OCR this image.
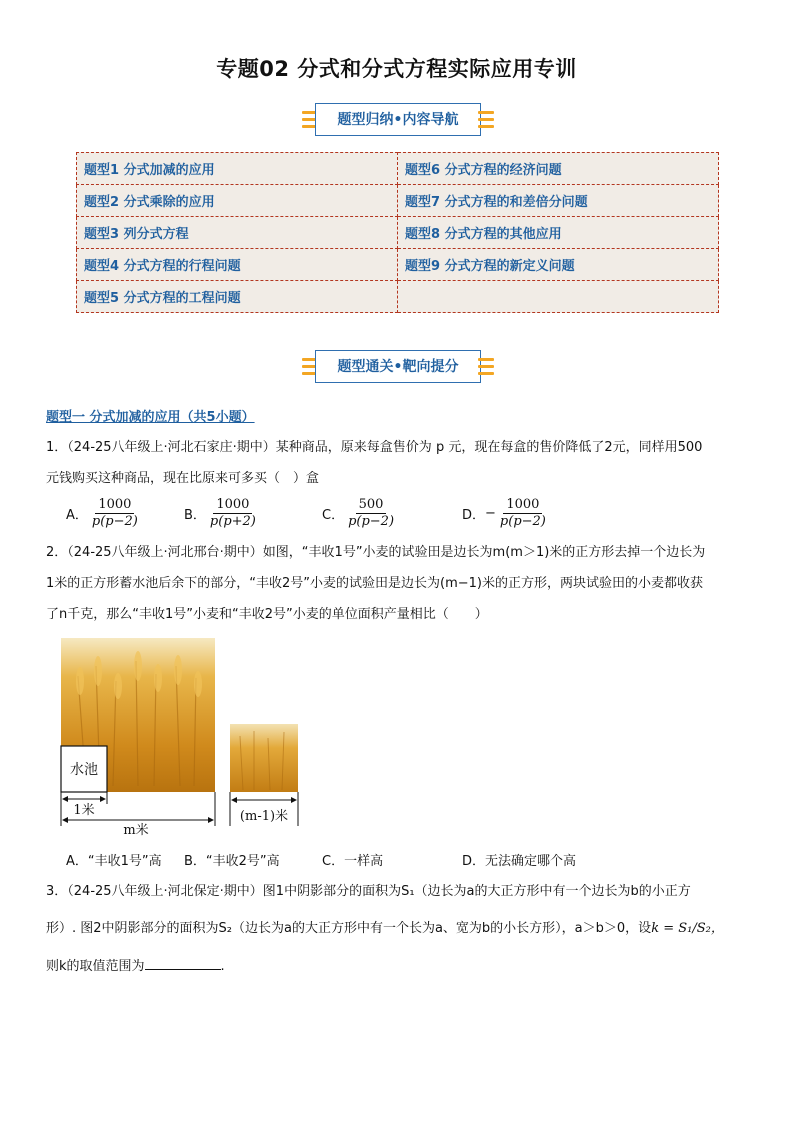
专题02 分式和分式方程实际应用专训
题型归纳•内容导航
题型1 分式加减的应用	题型6 分式方程的经济问题
题型2 分式乘除的应用	题型7 分式方程的和差倍分问题
题型3 列分式方程	题型8 分式方程的其他应用
题型4 分式方程的行程问题	题型9 分式方程的新定义问题
题型5 分式方程的工程问题	
题型通关•靶向提分
题型一 分式加减的应用（共5小题）
1．（24-25八年级上·河北石家庄·期中）某种商品，原来每盒售价为 p 元，现在每盒的售价降低了2元，同样用500
元钱购买这种商品，现在比原来可多买（　）盒
A． $\frac{1000}{p(p-2)}$	B． $\frac{1000}{p(p+2)}$	C． $\frac{500}{p(p-2)}$	D． − $\frac{1000}{p(p-2)}$
2．（24-25八年级上·河北邢台·期中）如图，“丰收1号”小麦的试验田是边长为m(m＞1)米的正方形去掉一个边长为
1米的正方形蓄水池后余下的部分，“丰收2号”小麦的试验田是边长为(m−1)米的正方形，两块试验田的小麦都收获
了n千克，那么“丰收1号”小麦和“丰收2号”小麦的单位面积产量相比（　　）
水池
1米
m米
(m-1)米
A．“丰收1号”高 B．“丰收2号”高	C．一样高	D．无法确定哪个高
3．（24-25八年级上·河北保定·期中）图1中阴影部分的面积为S₁（边长为a的大正方形中有一个边长为b的小正方
形）. 图2中阴影部分的面积为S₂（边长为a的大正方形中有一个长为a、宽为b的小长方形），a＞b＞0，设k = S₁/S₂，
则k的取值范围为	.
